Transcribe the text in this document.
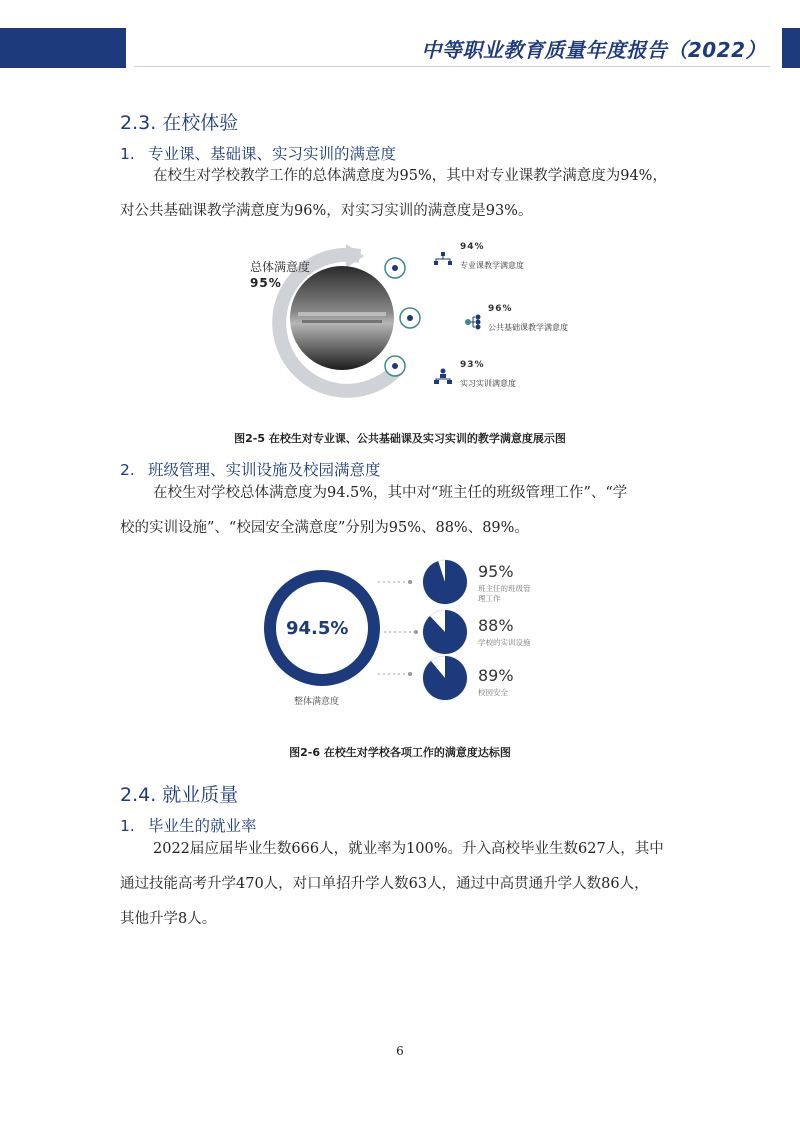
中等职业教育质量年度报告（2022）
2.3. 在校体验
1. 专业课、基础课、实习实训的满意度

在校生对学校教学工作的总体满意度为95%，其中对专业课教学满意度为94%，

对公共基础课教学满意度为96%，对实习实训的满意度是93%。

总体满意度
95%
94%
专业课教学满意度
96%
公共基础课教学满意度
93%
实习实训满意度
图2-5 在校生对专业课、公共基础课及实习实训的教学满意度展示图
2. 班级管理、实训设施及校园满意度

在校生对学校总体满意度为94.5%，其中对“班主任的班级管理工作”、“学

校的实训设施”、“校园安全满意度”分别为95%、88%、89%。

94.5%
整体满意度
95%
班主任的班级管
理工作
88%
学校的实训设施
89%
校园安全
图2-6 在校生对学校各项工作的满意度达标图
2.4. 就业质量
1. 毕业生的就业率

2022届应届毕业生数666人，就业率为100%。升入高校毕业生数627人，其中

通过技能高考升学470人，对口单招升学人数63人，通过中高贯通升学人数86人，

其他升学8人。

6
